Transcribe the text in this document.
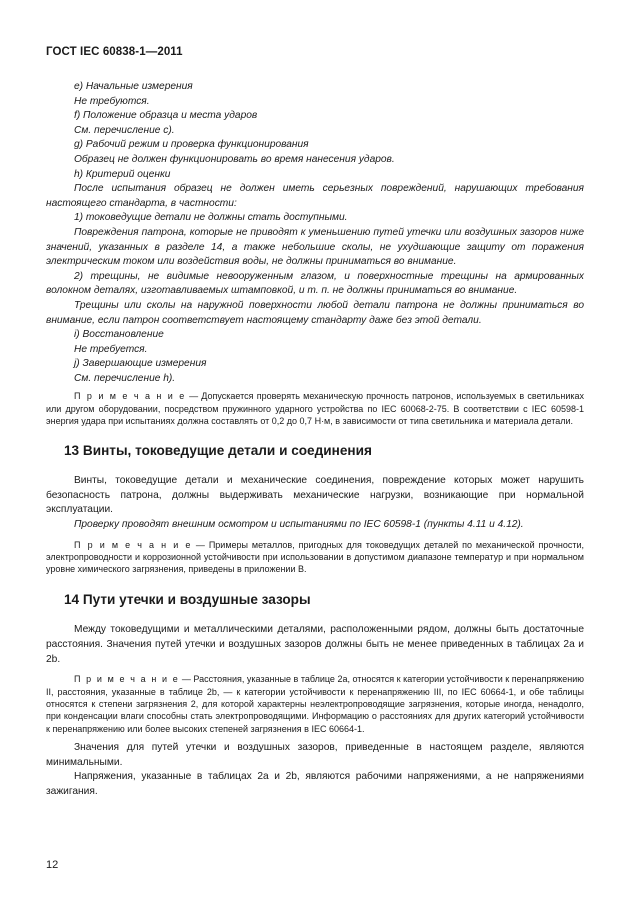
ГОСТ IEC 60838-1—2011

е) Начальные измерения

Не требуются.

f) Положение образца и места ударов

См. перечисление с).

g) Рабочий режим и проверка функционирования

Образец не должен функционировать во время нанесения ударов.

h) Критерий оценки

После испытания образец не должен иметь серьезных повреждений, нарушающих требования настоящего стандарта, в частности:

1) токоведущие детали не должны стать доступными.

Повреждения патрона, которые не приводят к уменьшению путей утечки или воздушных зазоров ниже значений, указанных в разделе 14, а также небольшие сколы, не ухудшающие защиту от поражения электрическим током или воздействия воды, не должны приниматься во внимание.

2) трещины, не видимые невооруженным глазом, и поверхностные трещины на армированных волокном деталях, изготавливаемых штамповкой, и т. п. не должны приниматься во внимание.

Трещины или сколы на наружной поверхности любой детали патрона не должны приниматься во внимание, если патрон соответствует настоящему стандарту даже без этой детали.

i) Восстановление

Не требуется.

j) Завершающие измерения

См. перечисление h).

П р и м е ч а н и е — Допускается проверять механическую прочность патронов, используемых в светильниках или другом оборудовании, посредством пружинного ударного устройства по IEC 60068-2-75. В соответствии с IEC 60598-1 энергия удара при испытаниях должна составлять от 0,2 до 0,7 Н·м, в зависимости от типа светильника и материала детали.

13 Винты, токоведущие детали и соединения

Винты, токоведущие детали и механические соединения, повреждение которых может нарушить безопасность патрона, должны выдерживать механические нагрузки, возникающие при нормальной эксплуатации.

Проверку проводят внешним осмотром и испытаниями по IEC 60598-1 (пункты 4.11 и 4.12).

П р и м е ч а н и е — Примеры металлов, пригодных для токоведущих деталей по механической прочности, электропроводности и коррозионной устойчивости при использовании в допустимом диапазоне температур и при нормальном уровне химического загрязнения, приведены в приложении В.

14 Пути утечки и воздушные зазоры

Между токоведущими и металлическими деталями, расположенными рядом, должны быть достаточные расстояния. Значения путей утечки и воздушных зазоров должны быть не менее приведенных в таблицах 2а и 2b.

П р и м е ч а н и е — Расстояния, указанные в таблице 2а, относятся к категории устойчивости к перенапряжению II, расстояния, указанные в таблице 2b, — к категории устойчивости к перенапряжению III, по IEC 60664-1, и обе таблицы относятся к степени загрязнения 2, для которой характерны неэлектропроводящие загрязнения, которые иногда, ненадолго, при конденсации влаги способны стать электропроводящими. Информацию о расстояниях для других категорий устойчивости к перенапряжению или более высоких степеней загрязнения в IEC 60664-1.

Значения для путей утечки и воздушных зазоров, приведенные в настоящем разделе, являются минимальными.

Напряжения, указанные в таблицах 2а и 2b, являются рабочими напряжениями, а не напряжениями зажигания.

12
